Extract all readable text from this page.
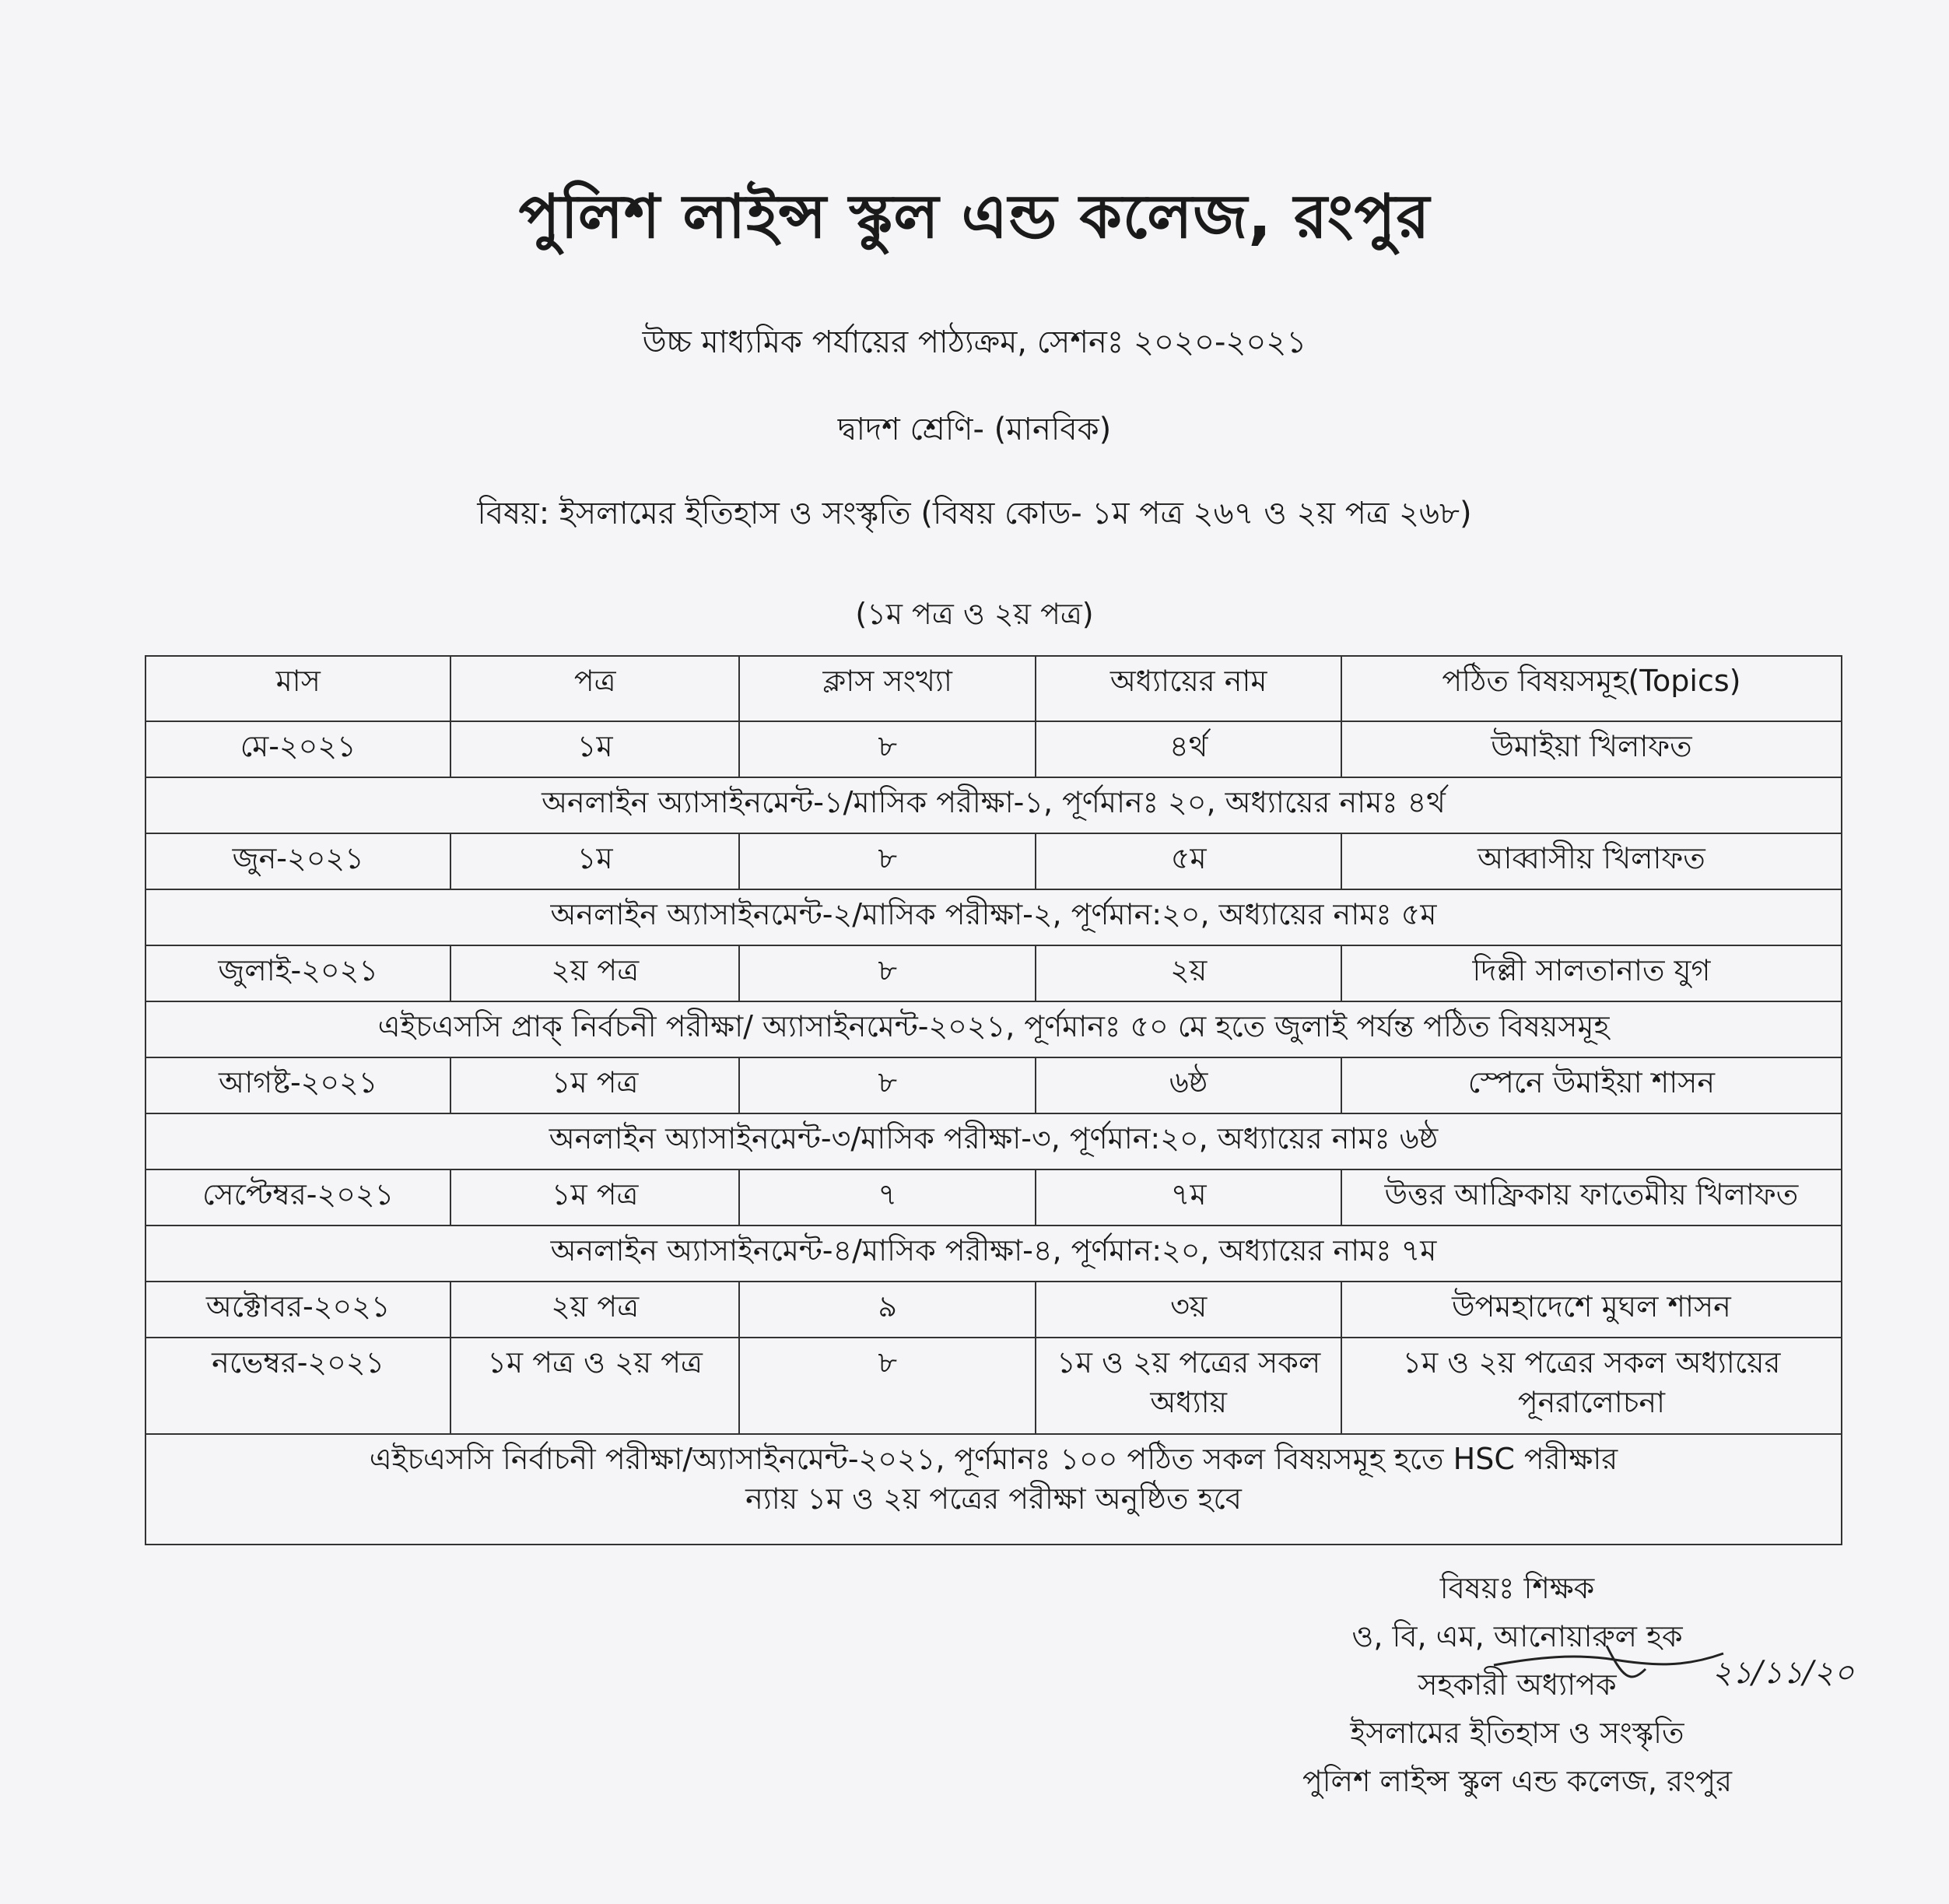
পুলিশ লাইন্স স্কুল এন্ড কলেজ, রংপুর
উচ্চ মাধ্যমিক পর্যায়ের পাঠ্যক্রম, সেশনঃ ২০২০-২০২১
দ্বাদশ শ্রেণি- (মানবিক)
বিষয়: ইসলামের ইতিহাস ও সংস্কৃতি (বিষয় কোড- ১ম পত্র ২৬৭ ও ২য় পত্র ২৬৮)
(১ম পত্র ও ২য় পত্র)
মাস	পত্র	ক্লাস সংখ্যা	অধ্যায়ের নাম	পঠিত বিষয়সমূহ(Topics)
মে-২০২১	১ম	৮	৪র্থ	উমাইয়া খিলাফত
অনলাইন অ্যাসাইনমেন্ট-১/মাসিক পরীক্ষা-১, পূর্ণমানঃ ২০, অধ্যায়ের নামঃ ৪র্থ				
জুন-২০২১	১ম	৮	৫ম	আব্বাসীয় খিলাফত
অনলাইন অ্যাসাইনমেন্ট-২/মাসিক পরীক্ষা-২, পূর্ণমান:২০, অধ্যায়ের নামঃ ৫ম				
জুলাই-২০২১	২য় পত্র	৮	২য়	দিল্লী সালতানাত যুগ
এইচএসসি প্রাক্ নির্বচনী পরীক্ষা/ অ্যাসাইনমেন্ট-২০২১, পূর্ণমানঃ ৫০ মে হতে জুলাই পর্যন্ত পঠিত বিষয়সমূহ				
আগষ্ট-২০২১	১ম পত্র	৮	৬ষ্ঠ	স্পেনে উমাইয়া শাসন
অনলাইন অ্যাসাইনমেন্ট-৩/মাসিক পরীক্ষা-৩, পূর্ণমান:২০, অধ্যায়ের নামঃ ৬ষ্ঠ				
সেপ্টেম্বর-২০২১	১ম পত্র	৭	৭ম	উত্তর আফ্রিকায় ফাতেমীয় খিলাফত
অনলাইন অ্যাসাইনমেন্ট-৪/মাসিক পরীক্ষা-৪, পূর্ণমান:২০, অধ্যায়ের নামঃ ৭ম				
অক্টোবর-২০২১	২য় পত্র	৯	৩য়	উপমহাদেশে মুঘল শাসন
নভেম্বর-২০২১	১ম পত্র ও ২য় পত্র	৮	১ম ও ২য় পত্রের সকল অধ্যায়	১ম ও ২য় পত্রের সকল অধ্যায়ের পূনরালোচনা

এইচএসসি নির্বাচনী পরীক্ষা/অ্যাসাইনমেন্ট-২০২১, পূর্ণমানঃ ১০০ পঠিত সকল বিষয়সমূহ হতে HSC পরীক্ষার
ন্যায় ১ম ও ২য় পত্রের পরীক্ষা অনুষ্ঠিত হবে				
বিষয়ঃ শিক্ষক
ও, বি, এম, আনোয়ারুল হক
সহকারী অধ্যাপক
ইসলামের ইতিহাস ও সংস্কৃতি
পুলিশ লাইন্স স্কুল এন্ড কলেজ, রংপুর
২১/১১/২০
